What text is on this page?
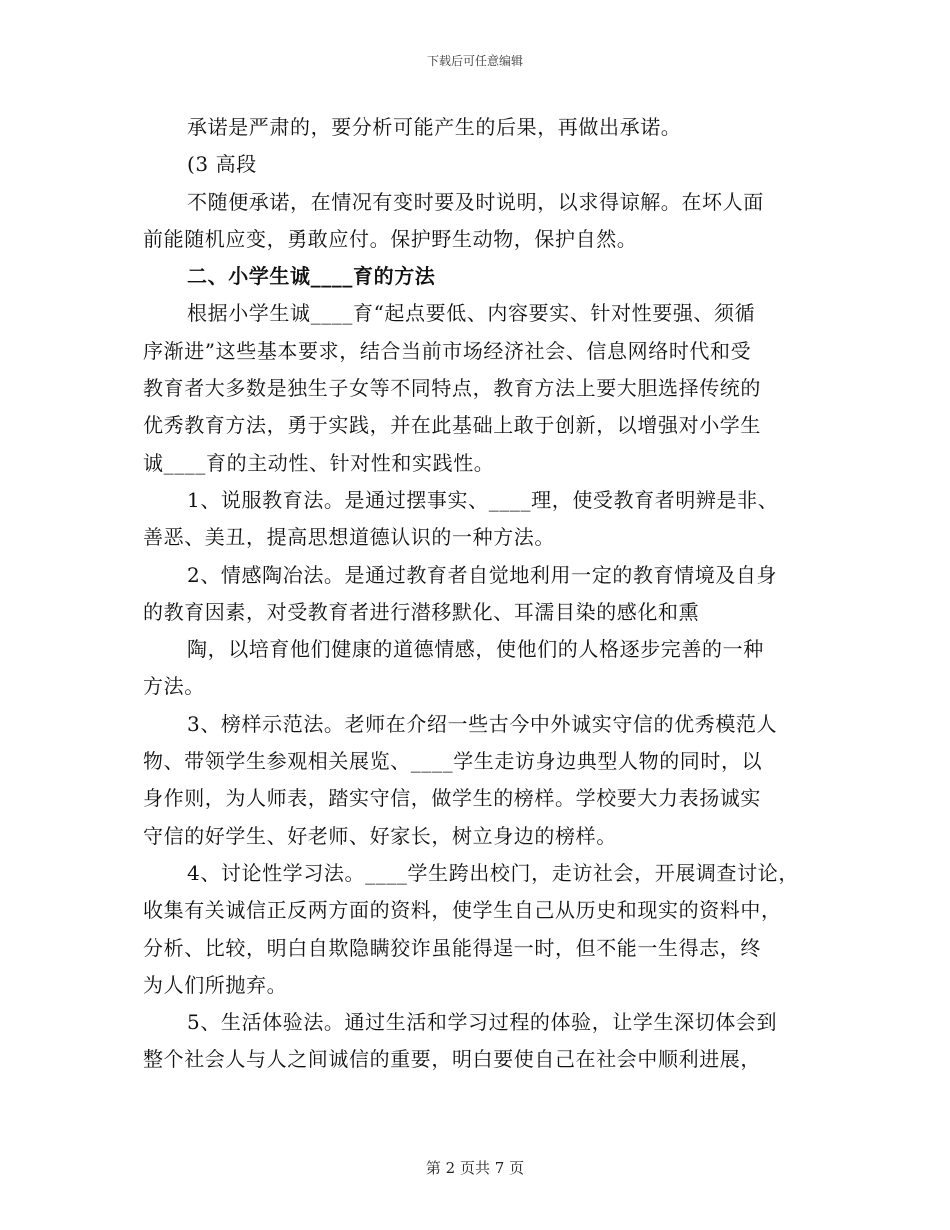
下载后可任意编辑
承诺是严肃的，要分析可能产生的后果，再做出承诺。
(3 高段
不随便承诺，在情况有变时要及时说明，以求得谅解。在坏人面
前能随机应变，勇敢应付。保护野生动物，保护自然。
二、小学生诚____育的方法
根据小学生诚____育“起点要低、内容要实、针对性要强、须循
序渐进”这些基本要求，结合当前市场经济社会、信息网络时代和受
教育者大多数是独生子女等不同特点，教育方法上要大胆选择传统的
优秀教育方法，勇于实践，并在此基础上敢于创新，以增强对小学生
诚____育的主动性、针对性和实践性。
1、说服教育法。是通过摆事实、____理，使受教育者明辨是非、
善恶、美丑，提高思想道德认识的一种方法。
2、情感陶冶法。是通过教育者自觉地利用一定的教育情境及自身
的教育因素，对受教育者进行潜移默化、耳濡目染的感化和熏
陶，以培育他们健康的道德情感，使他们的人格逐步完善的一种
方法。
3、榜样示范法。老师在介绍一些古今中外诚实守信的优秀模范人
物、带领学生参观相关展览、____学生走访身边典型人物的同时，以
身作则，为人师表，踏实守信，做学生的榜样。学校要大力表扬诚实
守信的好学生、好老师、好家长，树立身边的榜样。
4、讨论性学习法。____学生跨出校门，走访社会，开展调查讨论，
收集有关诚信正反两方面的资料，使学生自己从历史和现实的资料中，
分析、比较，明白自欺隐瞒狡诈虽能得逞一时，但不能一生得志，终
为人们所抛弃。
5、生活体验法。通过生活和学习过程的体验，让学生深切体会到
整个社会人与人之间诚信的重要，明白要使自己在社会中顺利进展，
第 2 页共 7 页
